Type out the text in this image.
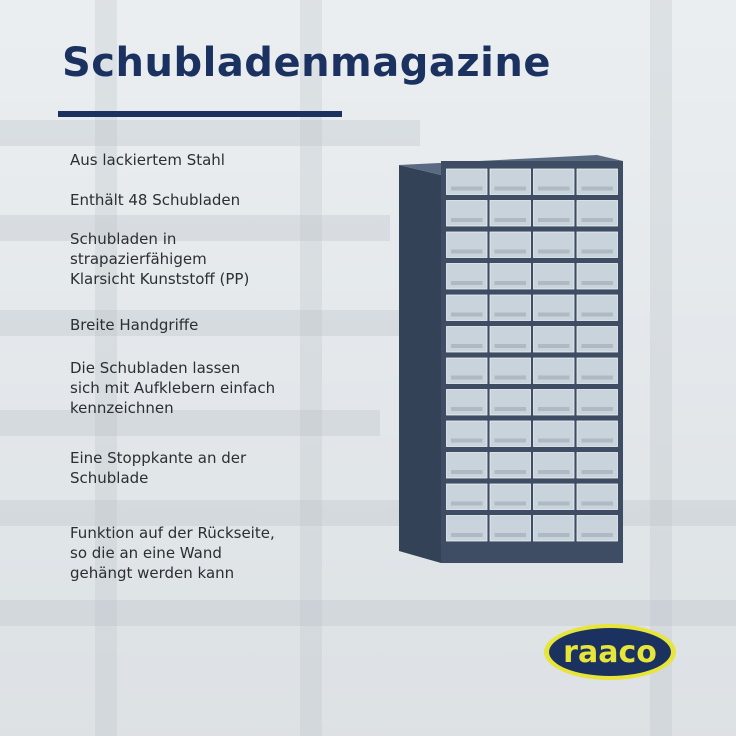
Schubladenmagazine
Aus lackiertem Stahl
Enthält 48 Schubladen
Schubladen in
strapazierfähigem
Klarsicht Kunststoff (PP)
Breite Handgriffe
Die Schubladen lassen
sich mit Aufklebern einfach
kennzeichnen
Eine Stoppkante an der
Schublade
Funktion auf der Rückseite,
so die an eine Wand
gehängt werden kann
raaco
